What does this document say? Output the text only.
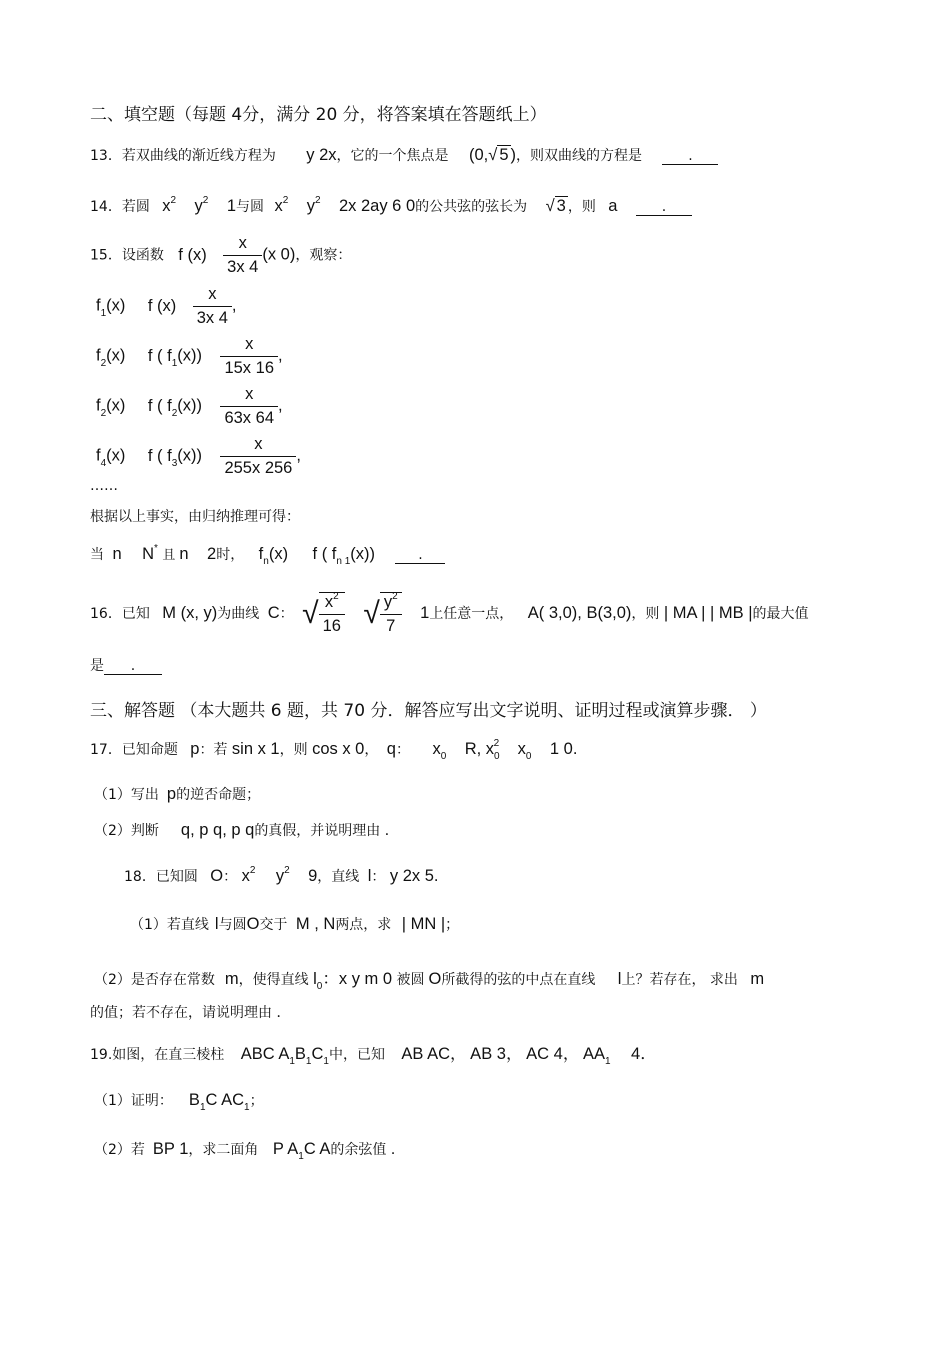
二、填空题（每题 4分，满分 20 分，将答案填在答题纸上）
13．若双曲线的渐近线方程为 y 2x，它的一个焦点是 (0,√ 5 )，则双曲线的方程是	.
14．若圆 $x^2$ $y^2$ 1与圆 $x^2$ $y^2$ 2x 2ay 6 0的公共弦的弦长为 √ 3 ，则 a	.
15．设函数 f $(x) \frac{x}{3x 4} (x$ 0)，观察：
$f_1(x)$ f $(x) \frac{x}{3x 4}$ ,
$f_2(x)$ f ( $f_1(x)) \frac{x}{15x 16}$ ,
$f_2(x)$ f ( $f_2(x)) \frac{x}{63x 64}$ ,
$f_4(x)$ f ( $f_3(x)) \frac{x}{255x 256}$ ,
……
根据以上事实，由归纳推理可得：
当 n N* 且 n 2时， $f_n(x)$ f ( $f_{n 1}(x)$)	.
16．已知 M (x, y)为曲线 C： √ $\frac{x^2}{16}$ √ $\frac{y^2}{7} 1$上任意一点， A( 3,0), B(3,0)，则 | MA | | MB |的最大值
是 .
三、解答题 （本大题共 6 题，共 70 分．解答应写出文字说明、证明过程或演算步骤． ）
17．已知命题 p：若 sin x 1，则 cos x 0， q： $x_0$ R, $x_0^2$ $x_0$ 1 0.
（1）写出 p的逆否命题；
（2）判断 q, p q, p q的真假，并说明理由 ．
18．已知圆 O： $x^2$ $y^2$ 9，直线 l： y 2x 5.
（1）若直线 l与圆O交于 M , N两点，求 | MN |；
（2）是否存在常数 m，使得直线 $l_0$：x y m 0 被圆 O所截得的弦的中点在直线 l上？若存在， 求出 m
的值；若不存在，请说明理由 ．
19.如图，在直三棱柱 ABC $A_1B_1C_1$中，已知 AB AC， AB 3， AC 4， $AA_1$ 4．
（1）证明： $B_1C$ $AC_1$；
（2）若 BP 1，求二面角 P $A_1C$ A的余弦值 ．
